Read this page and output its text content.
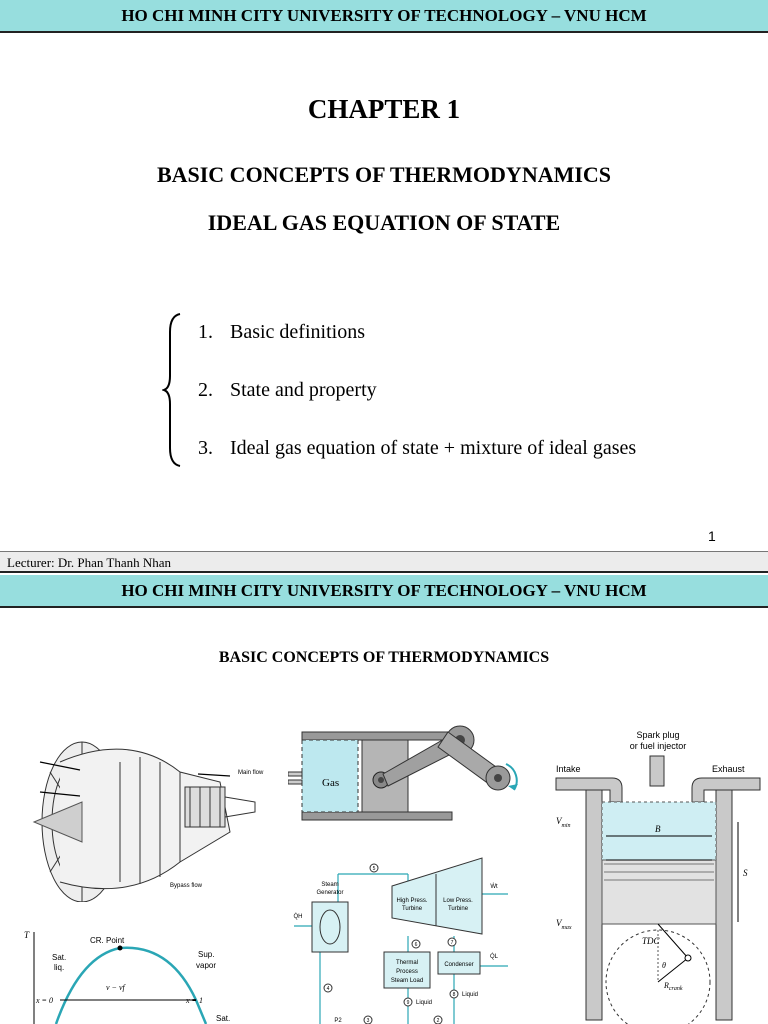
HO CHI MINH CITY UNIVERSITY OF TECHNOLOGY – VNU HCM
CHAPTER 1
BASIC CONCEPTS OF THERMODYNAMICS
IDEAL GAS EQUATION OF STATE
1. Basic definitions
2. State and property
3. Ideal gas equation of state + mixture of ideal gases
1
Lecturer: Dr. Phan Thanh Nhan
HO CHI MINH CITY UNIVERSITY OF TECHNOLOGY – VNU HCM
BASIC CONCEPTS OF THERMODYNAMICS
Main flow
Bypass flow
Gas
Spark plug
or fuel injector
Intake	Exhaust
B
S
$V_{min}$
$V_{max}$
TDC
θ
$R_{crank}$
Steam
Generator
High Press.
Turbine
Low Press.
Turbine
Thermal
Process
Steam Load
Condenser
Liquid
Liquid
Q̇H
Ẇt
Q̇L
P2
5
6	7
4
9
8
3	2
T
CR. Point
Sat.
liq.
Sup.
vapor
x = 0	x = 1
v − vf
Sat.
